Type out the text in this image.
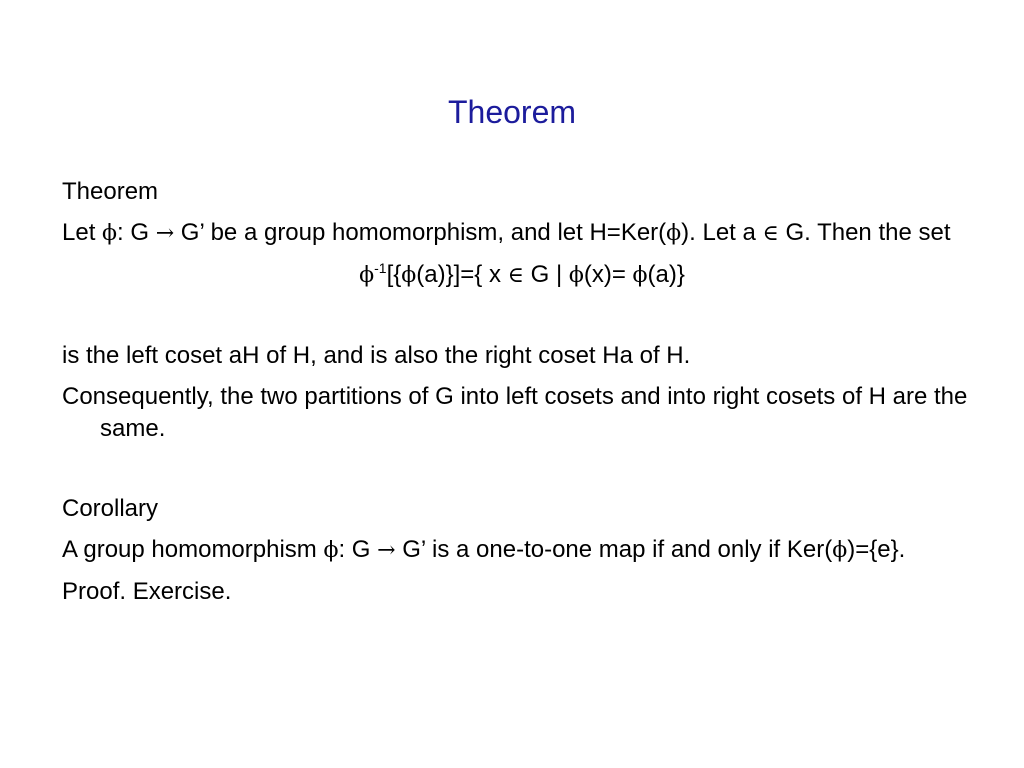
Theorem

Theorem

Let ϕ: G → G’ be a group homomorphism, and let H=Ker(ϕ). Let a ∈ G. Then the set

$\phi^{-1}[\{\phi(a)\}]=${ x ∈ G | ϕ(x)= ϕ(a)}

is the left coset aH of H, and is also the right coset Ha of H.

Consequently, the two partitions of G into left cosets and into right cosets of H are the same.

Corollary

A group homomorphism ϕ: G → G’ is a one-to-one map if and only if Ker(ϕ)={e}.

Proof. Exercise.
